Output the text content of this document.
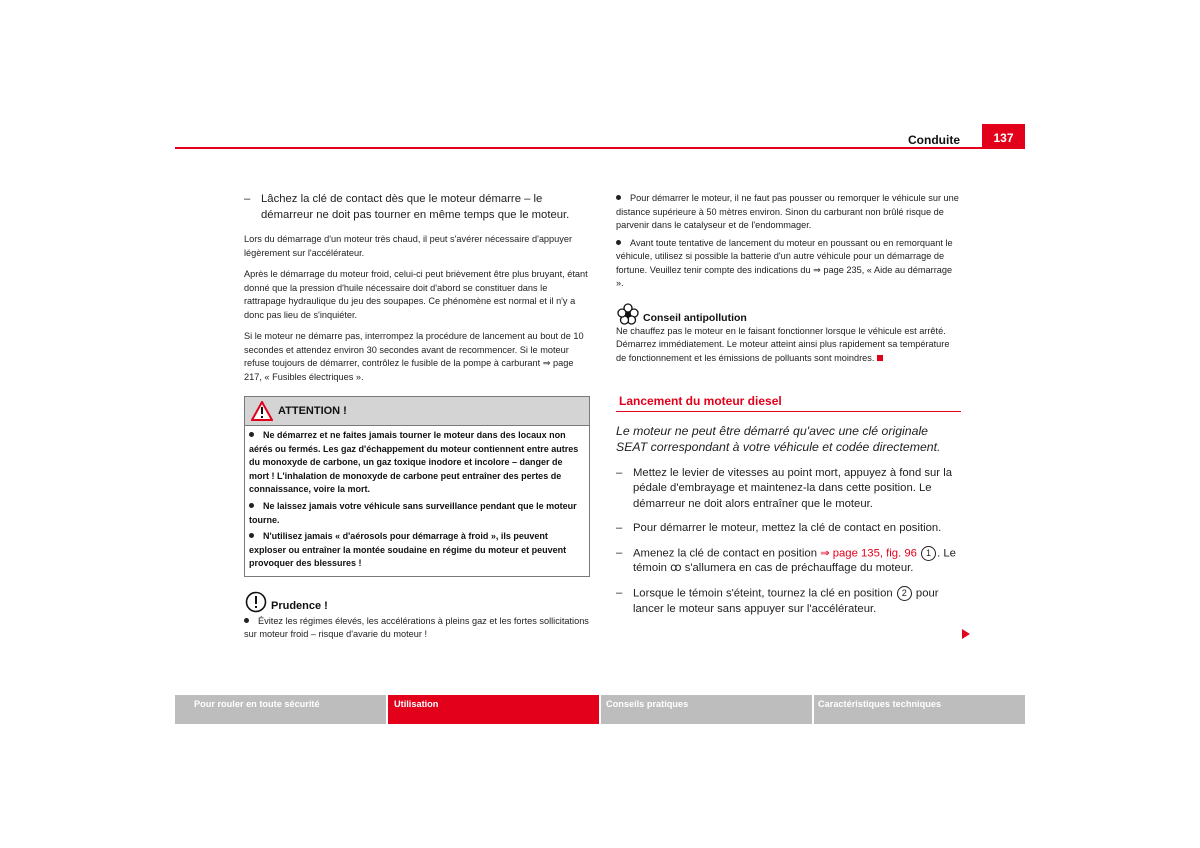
Conduite	137
– Lâchez la clé de contact dès que le moteur démarre – le démarreur ne doit pas tourner en même temps que le moteur.

Lors du démarrage d'un moteur très chaud, il peut s'avérer nécessaire d'appuyer légèrement sur l'accélérateur.

Après le démarrage du moteur froid, celui-ci peut brièvement être plus bruyant, étant donné que la pression d'huile nécessaire doit d'abord se constituer dans le rattrapage hydraulique du jeu des soupapes. Ce phénomène est normal et il n'y a donc pas lieu de s'inquiéter.

Si le moteur ne démarre pas, interrompez la procédure de lancement au bout de 10 secondes et attendez environ 30 secondes avant de recommencer. Si le moteur refuse toujours de démarrer, contrôlez le fusible de la pompe à carburant ⇒ page 217, « Fusibles électriques ».

ATTENTION !
Ne démarrez et ne faites jamais tourner le moteur dans des locaux non aérés ou fermés. Les gaz d'échappement du moteur contiennent entre autres du monoxyde de carbone, un gaz toxique inodore et incolore – danger de mort ! L'inhalation de monoxyde de carbone peut entraîner des pertes de connaissance, voire la mort.
Ne laissez jamais votre véhicule sans surveillance pendant que le moteur tourne.
N'utilisez jamais « d'aérosols pour démarrage à froid », ils peuvent exploser ou entraîner la montée soudaine en régime du moteur et peuvent provoquer des blessures !
Prudence !
Évitez les régimes élevés, les accélérations à pleins gaz et les fortes sollicitations sur moteur froid – risque d'avarie du moteur !
Pour démarrer le moteur, il ne faut pas pousser ou remorquer le véhicule sur une distance supérieure à 50 mètres environ. Sinon du carburant non brûlé risque de parvenir dans le catalyseur et de l'endommager.
Avant toute tentative de lancement du moteur en poussant ou en remorquant le véhicule, utilisez si possible la batterie d'un autre véhicule pour un démarrage de fortune. Veuillez tenir compte des indications du ⇒ page 235, « Aide au démarrage ».
Conseil antipollution
Ne chauffez pas le moteur en le faisant fonctionner lorsque le véhicule est arrêté. Démarrez immédiatement. Le moteur atteint ainsi plus rapidement sa température de fonctionnement et les émissions de polluants sont moindres.
Lancement du moteur diesel
Le moteur ne peut être démarré qu'avec une clé originale SEAT correspondant à votre véhicule et codée directement.
– Mettez le levier de vitesses au point mort, appuyez à fond sur la pédale d'embrayage et maintenez-la dans cette position. Le démarreur ne doit alors entraîner que le moteur.
– Pour démarrer le moteur, mettez la clé de contact en position.
– Amenez la clé de contact en position ⇒ page 135, fig. 96 1 . Le témoin ꝏ s'allumera en cas de préchauffage du moteur.
– Lorsque le témoin s'éteint, tournez la clé en position 2 pour lancer le moteur sans appuyer sur l'accélérateur.
Pour rouler en toute sécurité	Utilisation	Conseils pratiques	Caractéristiques techniques
